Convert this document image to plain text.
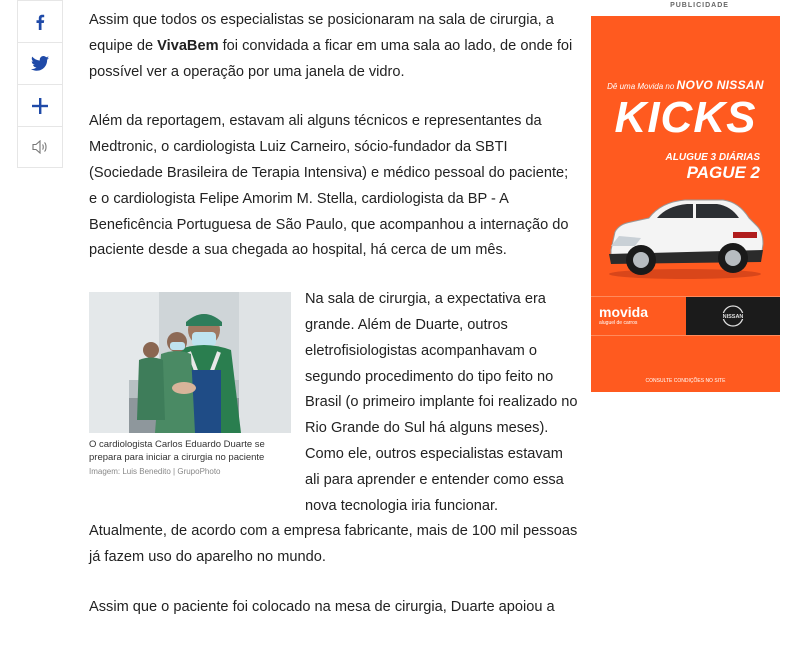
Assim que todos os especialistas se posicionaram na sala de cirurgia, a equipe de VivaBem foi convidada a ficar em uma sala ao lado, de onde foi possível ver a operação por uma janela de vidro.

Além da reportagem, estavam ali alguns técnicos e representantes da Medtronic, o cardiologista Luiz Carneiro, sócio-fundador da SBTI (Sociedade Brasileira de Terapia Intensiva) e médico pessoal do paciente; e o cardiologista Felipe Amorim M. Stella, cardiologista da BP - A Beneficência Portuguesa de São Paulo, que acompanhou a internação do paciente desde a sua chegada ao hospital, há cerca de um mês.

O cardiologista Carlos Eduardo Duarte se prepara para iniciar a cirurgia no paciente
Imagem: Luis Benedito | GrupoPhoto

Na sala de cirurgia, a expectativa era grande. Além de Duarte, outros eletrofisiologistas acompanhavam o segundo procedimento do tipo feito no Brasil (o primeiro implante foi realizado no Rio Grande do Sul há alguns meses). Como ele, outros especialistas estavam ali para aprender e entender como essa nova tecnologia iria funcionar.

Atualmente, de acordo com a empresa fabricante, mais de 100 mil pessoas já fazem uso do aparelho no mundo.

Assim que o paciente foi colocado na mesa de cirurgia, Duarte apoiou a

PUBLICIDADE
Dê uma Movida no NOVO NISSAN
KICKS
ALUGUE 3 DIÁRIAS
PAGUE 2
movida
aluguel de carros
NISSAN
CONSULTE CONDIÇÕES NO SITE
